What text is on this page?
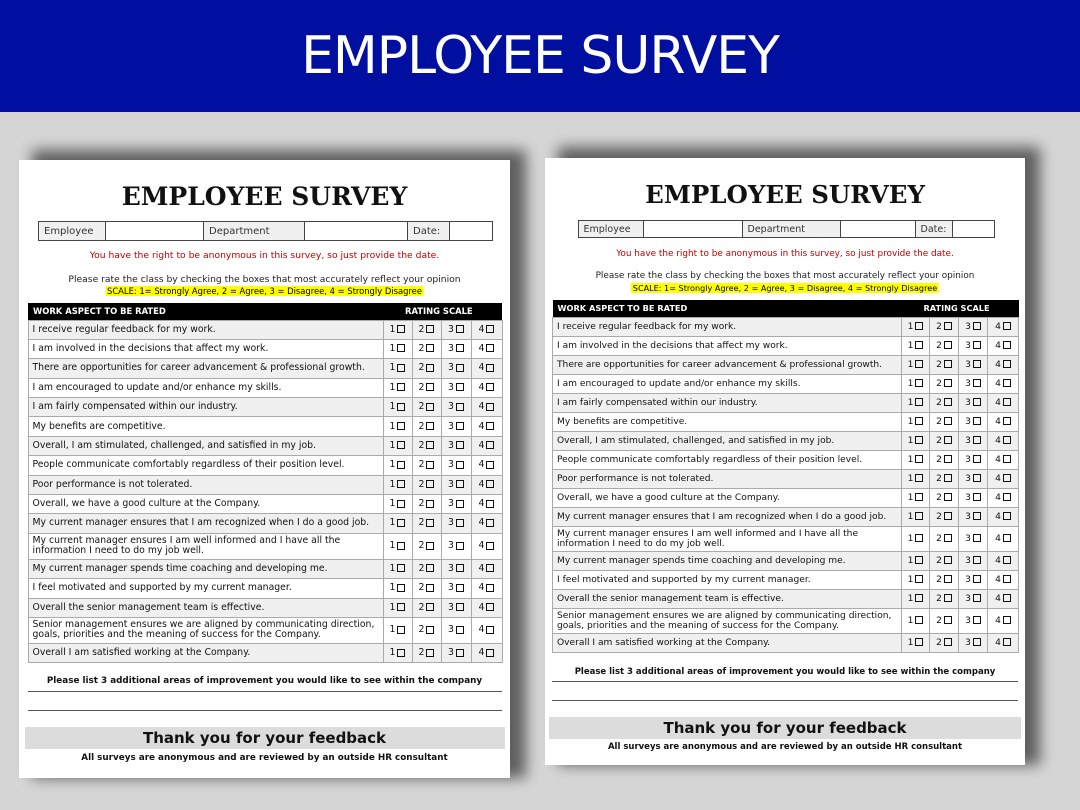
EMPLOYEE SURVEY
EMPLOYEE SURVEY
Employee	Department	Date:
You have the right to be anonymous in this survey, so just provide the date.
Please rate the class by checking the boxes that most accurately reflect your opinion
SCALE: 1= Strongly Agree, 2 = Agree, 3 = Disagree, 4 = Strongly Disagree
WORK ASPECT TO BE RATED	RATING SCALE			
I receive regular feedback for my work.	1	2	3	4
I am involved in the decisions that affect my work.	1	2	3	4
There are opportunities for career advancement & professional growth.	1	2	3	4
I am encouraged to update and/or enhance my skills.	1	2	3	4
I am fairly compensated within our industry.	1	2	3	4
My benefits are competitive.	1	2	3	4
Overall, I am stimulated, challenged, and satisfied in my job.	1	2	3	4
People communicate comfortably regardless of their position level.	1	2	3	4
Poor performance is not tolerated.	1	2	3	4
Overall, we have a good culture at the Company.	1	2	3	4
My current manager ensures that I am recognized when I do a good job.	1	2	3	4
My current manager ensures I am well informed and I have all the information I need to do my job well.	1	2	3	4
My current manager spends time coaching and developing me.	1	2	3	4
I feel motivated and supported by my current manager.	1	2	3	4
Overall the senior management team is effective.	1	2	3	4
Senior management ensures we are aligned by communicating direction, goals, priorities and the meaning of success for the Company.	1	2	3	4
Overall I am satisfied working at the Company.	1	2	3	4
Please list 3 additional areas of improvement you would like to see within the company
Thank you for your feedback
All surveys are anonymous and are reviewed by an outside HR consultant
EMPLOYEE SURVEY
Employee	Department	Date:
You have the right to be anonymous in this survey, so just provide the date.
Please rate the class by checking the boxes that most accurately reflect your opinion
SCALE: 1= Strongly Agree, 2 = Agree, 3 = Disagree, 4 = Strongly Disagree
WORK ASPECT TO BE RATED	RATING SCALE			
I receive regular feedback for my work.	1	2	3	4
I am involved in the decisions that affect my work.	1	2	3	4
There are opportunities for career advancement & professional growth.	1	2	3	4
I am encouraged to update and/or enhance my skills.	1	2	3	4
I am fairly compensated within our industry.	1	2	3	4
My benefits are competitive.	1	2	3	4
Overall, I am stimulated, challenged, and satisfied in my job.	1	2	3	4
People communicate comfortably regardless of their position level.	1	2	3	4
Poor performance is not tolerated.	1	2	3	4
Overall, we have a good culture at the Company.	1	2	3	4
My current manager ensures that I am recognized when I do a good job.	1	2	3	4
My current manager ensures I am well informed and I have all the information I need to do my job well.	1	2	3	4
My current manager spends time coaching and developing me.	1	2	3	4
I feel motivated and supported by my current manager.	1	2	3	4
Overall the senior management team is effective.	1	2	3	4
Senior management ensures we are aligned by communicating direction, goals, priorities and the meaning of success for the Company.	1	2	3	4
Overall I am satisfied working at the Company.	1	2	3	4
Please list 3 additional areas of improvement you would like to see within the company
Thank you for your feedback
All surveys are anonymous and are reviewed by an outside HR consultant
